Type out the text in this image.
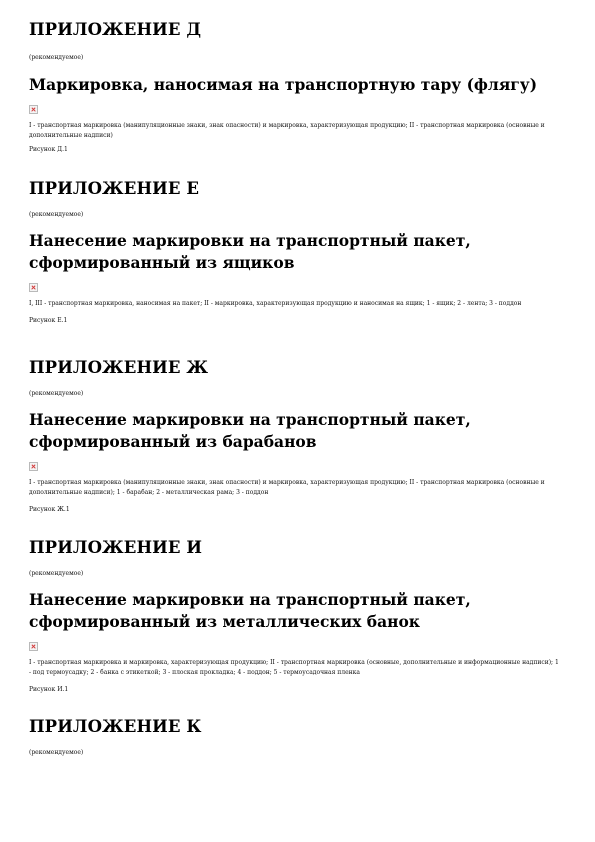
ПРИЛОЖЕНИЕ Д

(рекомендуемое)

Маркировка, наносимая на транспортную тару (флягу)

I - транспортная маркировка (манипуляционные знаки, знак опасности) и маркировка, характеризующая продукцию; II - транспортная маркировка (основные и дополнительные надписи)

Рисунок Д.1

ПРИЛОЖЕНИЕ Е

(рекомендуемое)

Нанесение маркировки на транспортный пакет, сформированный из ящиков

I, III - транспортная маркировка, наносимая на пакет; II - маркировка, характеризующая продукцию и наносимая на ящик; 1 - ящик; 2 - лента; 3 - поддон

Рисунок Е.1

ПРИЛОЖЕНИЕ Ж

(рекомендуемое)

Нанесение маркировки на транспортный пакет, сформированный из барабанов

I - транспортная маркировка (манипуляционные знаки, знак опасности) и маркировка, характеризующая продукцию; II - транспортная маркировка (основные и дополнительные надписи); 1 - барабан; 2 - металлическая рама; 3 - поддон

Рисунок Ж.1

ПРИЛОЖЕНИЕ И

(рекомендуемое)

Нанесение маркировки на транспортный пакет, сформированный из металлических банок

I - транспортная маркировка и маркировка, характеризующая продукцию; II - транспортная маркировка (основные, дополнительные и информационные надписи); 1 - под термоусадку; 2 - банка с этикеткой; 3 - плоская прокладка; 4 - поддон; 5 - термоусадочная пленка

Рисунок И.1

ПРИЛОЖЕНИЕ К

(рекомендуемое)
